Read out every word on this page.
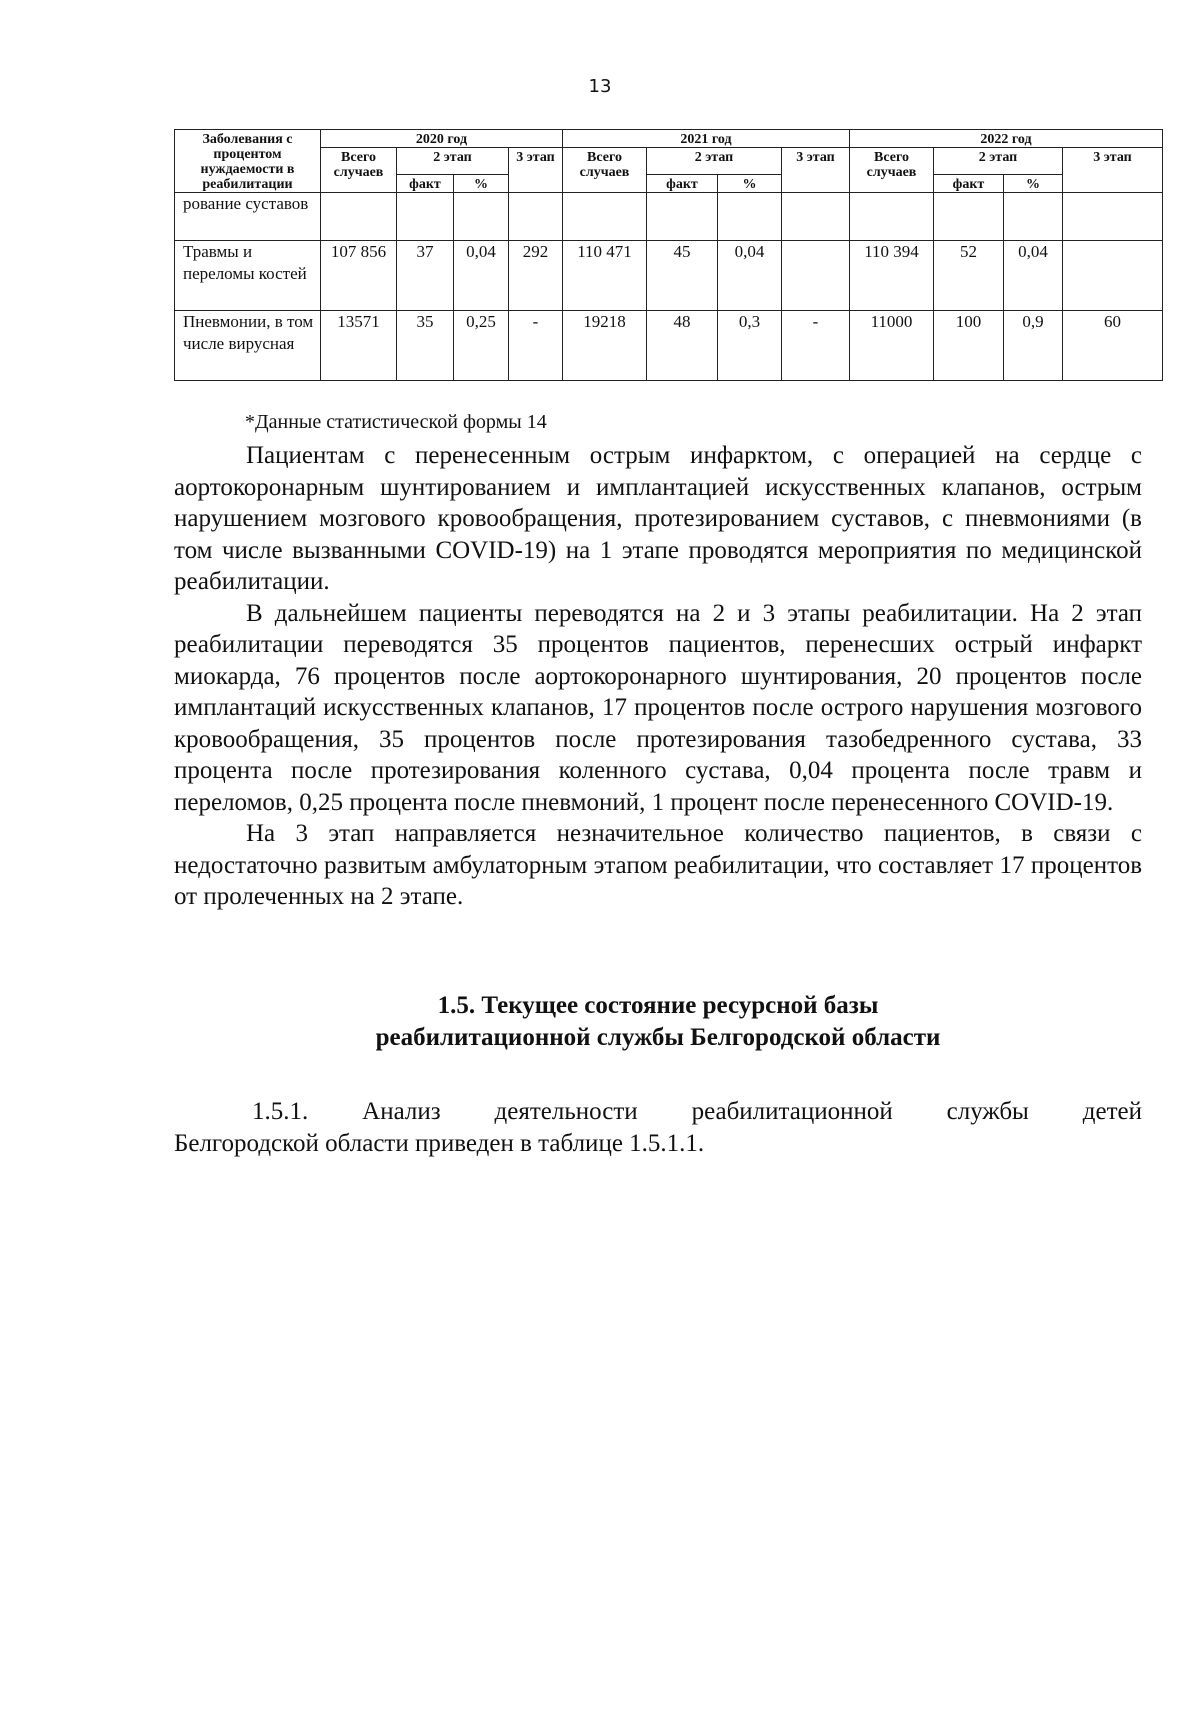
13
Заболевания с процентом нуждаемости в реабилитации	2020 год				2021 год				2022 год			
	Всего случаев	2 этап		3 этап	Всего случаев	2 этап		3 этап	Всего случаев	2 этап		3 этап
		факт	%			факт	%			факт	%	
рование суставов												
Травмы и переломы костей	107 856	37	0,04	292	110 471	45	0,04		110 394	52	0,04	
Пневмонии, в том числе вирусная	13571	35	0,25	-	19218	48	0,3	-	11000	100	0,9	60
*Данные статистической формы 14

Пациентам с перенесенным острым инфарктом, с операцией на сердце с аортокоронарным шунтированием и имплантацией искусственных клапанов, острым нарушением мозгового кровообращения, протезированием суставов, с пневмониями (в том числе вызванными COVID-19) на 1 этапе проводятся мероприятия по медицинской реабилитации.

В дальнейшем пациенты переводятся на 2 и 3 этапы реабилитации. На 2 этап реабилитации переводятся 35 процентов пациентов, перенесших острый инфаркт миокарда, 76 процентов после аортокоронарного шунтирования, 20 процентов после имплантаций искусственных клапанов, 17 процентов после острого нарушения мозгового кровообращения, 35 процентов после протезирования тазобедренного сустава, 33 процента после протезирования коленного сустава, 0,04 процента после травм и переломов, 0,25 процента после пневмоний, 1 процент после перенесенного COVID-19.

На 3 этап направляется незначительное количество пациентов, в связи с недостаточно развитым амбулаторным этапом реабилитации, что составляет 17 процентов от пролеченных на 2 этапе.

1.5. Текущее состояние ресурсной базы
реабилитационной службы Белгородской области
1.5.1. Анализ деятельности реабилитационной службы детей
Белгородской области приведен в таблице 1.5.1.1.
